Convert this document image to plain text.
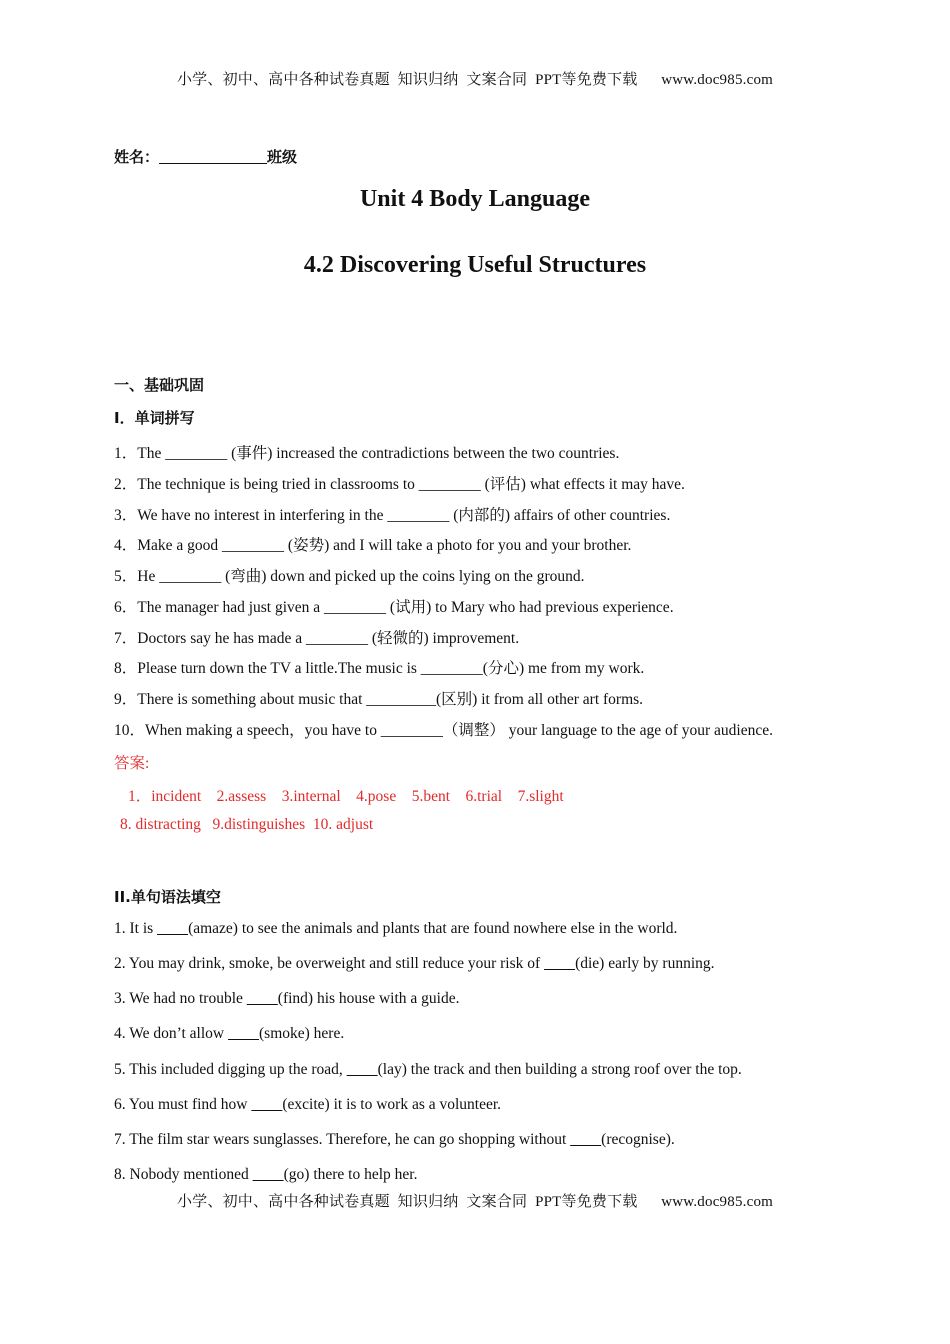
小学、初中、高中各种试卷真题  知识归纳  文案合同  PPT等免费下载      www.doc985.com
姓名：	班级
Unit 4 Body Language
4.2 Discovering Useful Structures
一、基础巩固
I．单词拼写
1．The ________ (事件) increased the contradictions between the two countries.
2．The technique is being tried in classrooms to ________ (评估) what effects it may have.
3．We have no interest in interfering in the ________ (内部的) affairs of other countries.
4．Make a good ________ (姿势) and I will take a photo for you and your brother.
5．He ________ (弯曲) down and picked up the coins lying on the ground.
6．The manager had just given a ________ (试用) to Mary who had previous experience.
7．Doctors say he has made a ________ (轻微的) improvement.
8．Please turn down the TV a little.The music is ________(分心) me from my work.
9．There is something about music that _________(区别) it from all other art forms.
10．When making a speech，you have to ________（调整） your language to the age of your audience.
答案:
1．incident    2.assess    3.internal    4.pose    5.bent    6.trial    7.slight
8. distracting   9.distinguishes  10. adjust
II.单句语法填空
1. It is         (amaze) to see the animals and plants that are found nowhere else in the world.
2. You may drink, smoke, be overweight and still reduce your risk of         (die) early by running.
3. We had no trouble         (find) his house with a guide.
4. We don’t allow         (smoke) here.
5. This included digging up the road,         (lay) the track and then building a strong roof over the top.
6. You must find how         (excite) it is to work as a volunteer.
7. The film star wears sunglasses. Therefore, he can go shopping without         (recognise).
8. Nobody mentioned         (go) there to help her.
小学、初中、高中各种试卷真题  知识归纳  文案合同  PPT等免费下载      www.doc985.com
